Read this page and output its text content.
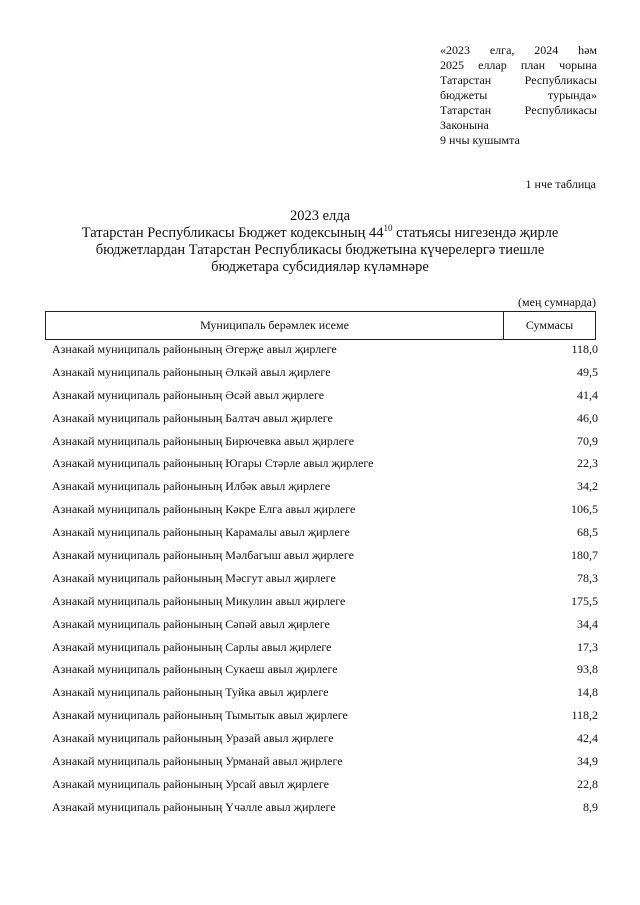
«2023 елга, 2024 һәм
2025 еллар план чорына
Татарстан Республикасы
бюджеты турында»
Татарстан Республикасы
Законына
9 нчы кушымта
1 нче таблица
2023 елда
Татарстан Республикасы Бюджет кодексының $44^{10}$ статьясы нигезендә җирле
бюджетлардан Татарстан Республикасы бюджетына күчерелергә тиешле
бюджетара субсидияләр күләмнәре
(мең сумнарда)
Муниципаль берәмлек исеме	Суммасы
Азнакай муниципаль районының Әгерҗе авыл җирлеге	118,0
Азнакай муниципаль районының Әлкәй авыл җирлеге	49,5
Азнакай муниципаль районының Әсәй авыл җирлеге	41,4
Азнакай муниципаль районының Балтач авыл җирлеге	46,0
Азнакай муниципаль районының Бирючевка авыл җирлеге	70,9
Азнакай муниципаль районының Югары Стәрле авыл җирлеге	22,3
Азнакай муниципаль районының Илбәк авыл җирлеге	34,2
Азнакай муниципаль районының Кәкре Елга авыл җирлеге	106,5
Азнакай муниципаль районының Карамалы авыл җирлеге	68,5
Азнакай муниципаль районының Мәлбагыш авыл җирлеге	180,7
Азнакай муниципаль районының Мәсгут авыл җирлеге	78,3
Азнакай муниципаль районының Микулин авыл җирлеге	175,5
Азнакай муниципаль районының Сәпәй авыл җирлеге	34,4
Азнакай муниципаль районының Сарлы авыл җирлеге	17,3
Азнакай муниципаль районының Сукаеш авыл җирлеге	93,8
Азнакай муниципаль районының Туйка авыл җирлеге	14,8
Азнакай муниципаль районының Тымытык авыл җирлеге	118,2
Азнакай муниципаль районының Уразай авыл җирлеге	42,4
Азнакай муниципаль районының Урманай авыл җирлеге	34,9
Азнакай муниципаль районының Урсай авыл җирлеге	22,8
Азнакай муниципаль районының Үчәлле авыл җирлеге	8,9
